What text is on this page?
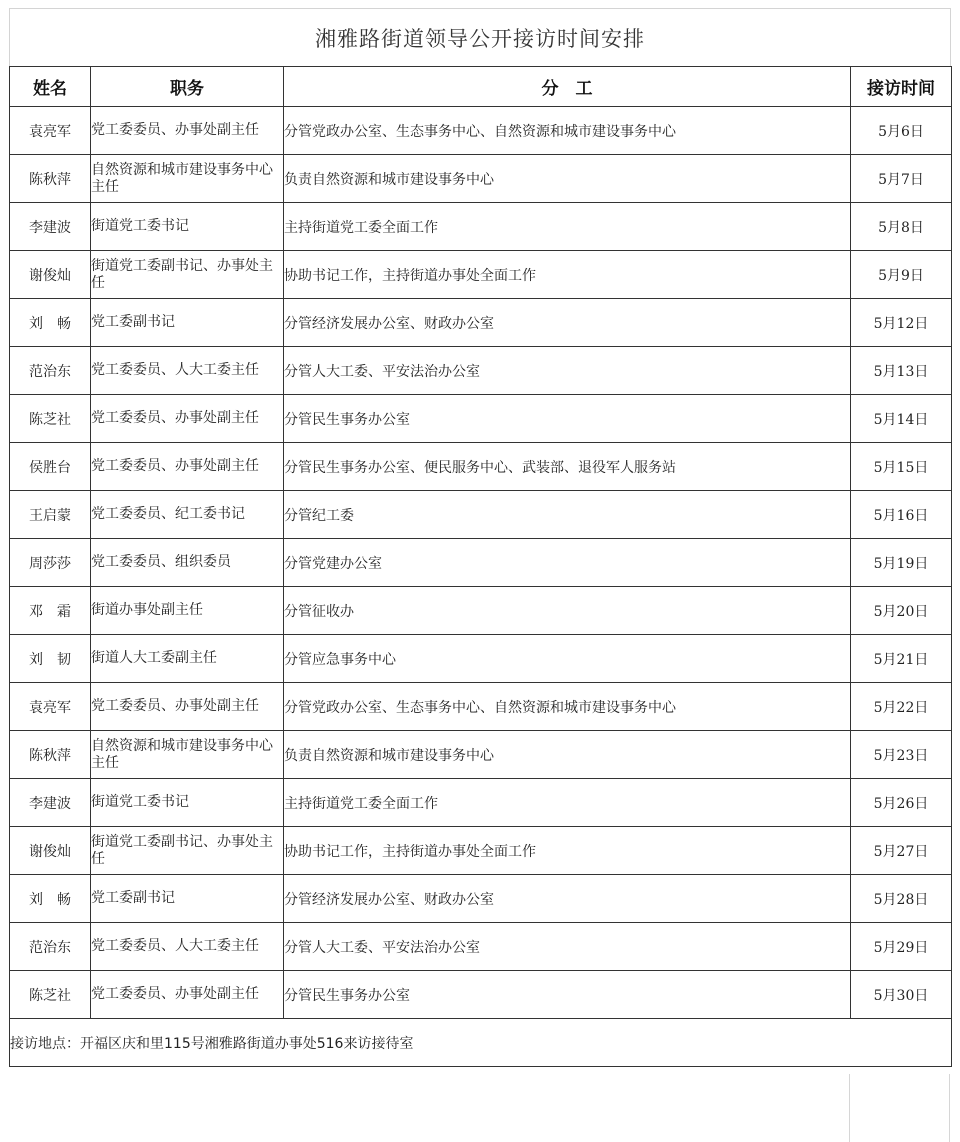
湘雅路街道领导公开接访时间安排
姓名	职务	分　工	接访时间
袁亮军	党工委委员、办事处副主任	分管党政办公室、生态事务中心、自然资源和城市建设事务中心	5月6日
陈秋萍	自然资源和城市建设事务中心主任	负责自然资源和城市建设事务中心	5月7日
李建波	街道党工委书记	主持街道党工委全面工作	5月8日
谢俊灿	街道党工委副书记、办事处主任	协助书记工作，主持街道办事处全面工作	5月9日
刘　畅	党工委副书记	分管经济发展办公室、财政办公室	5月12日
范治东	党工委委员、人大工委主任	分管人大工委、平安法治办公室	5月13日
陈芝社	党工委委员、办事处副主任	分管民生事务办公室	5月14日
侯胜台	党工委委员、办事处副主任	分管民生事务办公室、便民服务中心、武装部、退役军人服务站	5月15日
王启蒙	党工委委员、纪工委书记	分管纪工委	5月16日
周莎莎	党工委委员、组织委员	分管党建办公室	5月19日
邓　霜	街道办事处副主任	分管征收办	5月20日
刘　韧	街道人大工委副主任	分管应急事务中心	5月21日
袁亮军	党工委委员、办事处副主任	分管党政办公室、生态事务中心、自然资源和城市建设事务中心	5月22日
陈秋萍	自然资源和城市建设事务中心主任	负责自然资源和城市建设事务中心	5月23日
李建波	街道党工委书记	主持街道党工委全面工作	5月26日
谢俊灿	街道党工委副书记、办事处主任	协助书记工作，主持街道办事处全面工作	5月27日
刘　畅	党工委副书记	分管经济发展办公室、财政办公室	5月28日
范治东	党工委委员、人大工委主任	分管人大工委、平安法治办公室	5月29日
陈芝社	党工委委员、办事处副主任	分管民生事务办公室	5月30日
接访地点：开福区庆和里115号湘雅路街道办事处516来访接待室			
